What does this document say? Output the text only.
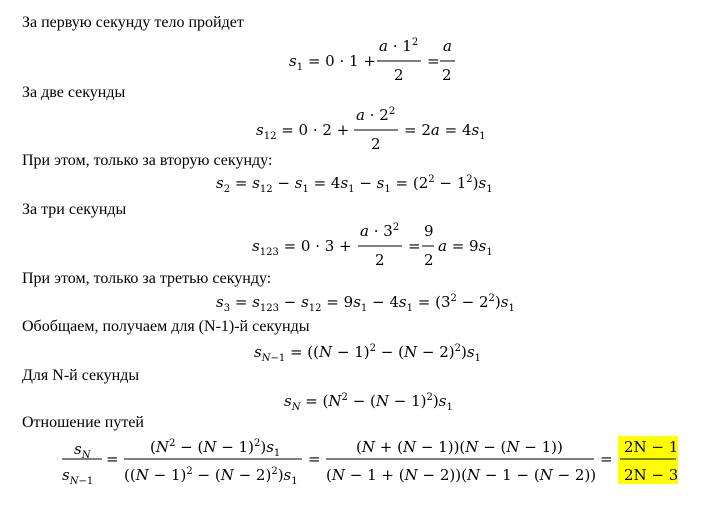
За первую секунду тело пройдет
За две секунды
При этом, только за вторую секунду:
За три секунды
При этом, только за третью секунду:
Обобщаем, получаем для (N-1)-й секунды
Для N-й секунды
Отношение путей
$s_1 = 0 \cdot 1$ +
$a \cdot 1^2$
2
=
a
2
$s_{12} = 0 \cdot 2$ +
$a \cdot 2^2$
2
= $2a = 4s_1$
$s_2 = s_{12} - s_1 = 4s_1 - s_1 = (2^2 - 1^2)s_1$
$s_{123} = 0 \cdot 3$ +
$a \cdot 3^2$
2
=
9
2
$a = 9s_1$
$s_3 = s_{123} - s_{12} = 9s_1 - 4s_1 = (3^2 - 2^2)s_1$
$s_{N-1} = ((N - 1)^2 - (N - 2)^2)s_1$
$s_N = (N^2 - (N - 1)^2)s_1$
$s_N$
$s_{N-1}$
=
$(N^2 - (N - 1)^2)s_1$
$((N - 1)^2 - (N - 2)^2)s_1$
=
(N + (N − 1))(N − (N − 1))
(N − 1 + (N − 2))(N − 1 − (N − 2))
=
2N − 1
2N − 3
